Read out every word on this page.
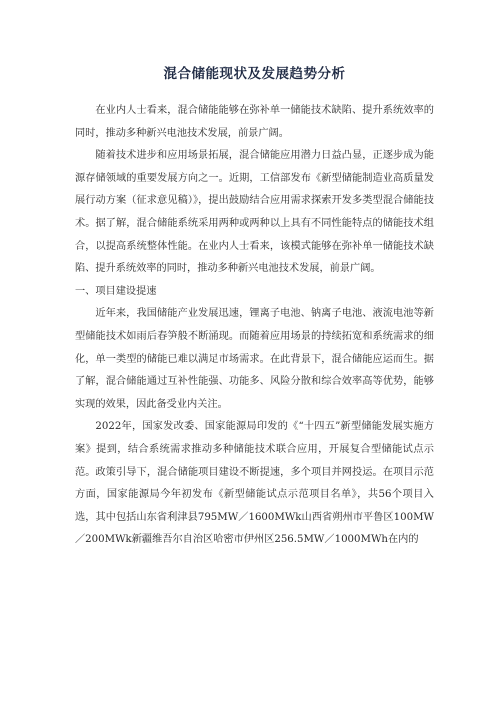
混合储能现状及发展趋势分析

在业内人士看来，混合储能能够在弥补单一储能技术缺陷、提升系统效率的同时，推动多种新兴电池技术发展，前景广阔。

随着技术进步和应用场景拓展，混合储能应用潜力日益凸显，正逐步成为能源存储领域的重要发展方向之一。近期，工信部发布《新型储能制造业高质量发展行动方案（征求意见稿）》，提出鼓励结合应用需求探索开发多类型混合储能技术。据了解，混合储能系统采用两种或两种以上具有不同性能特点的储能技术组合，以提高系统整体性能。在业内人士看来，该模式能够在弥补单一储能技术缺陷、提升系统效率的同时，推动多种新兴电池技术发展，前景广阔。

一、项目建设提速

近年来，我国储能产业发展迅速，锂离子电池、钠离子电池、液流电池等新型储能技术如雨后春笋般不断涌现。而随着应用场景的持续拓宽和系统需求的细化，单一类型的储能已难以满足市场需求。在此背景下，混合储能应运而生。据了解，混合储能通过互补性能强、功能多、风险分散和综合效率高等优势，能够实现的效果，因此备受业内关注。

2022年，国家发改委、国家能源局印发的《“十四五”新型储能发展实施方案》提到，结合系统需求推动多种储能技术联合应用，开展复合型储能试点示范。政策引导下，混合储能项目建设不断提速，多个项目并网投运。在项目示范方面，国家能源局今年初发布《新型储能试点示范项目名单》，共56个项目入选，其中包括山东省利津县795MW／1600MWk山西省朔州市平鲁区100MW／200MWk新疆维吾尔自治区哈密市伊州区256.5MW／1000MWh在内的
